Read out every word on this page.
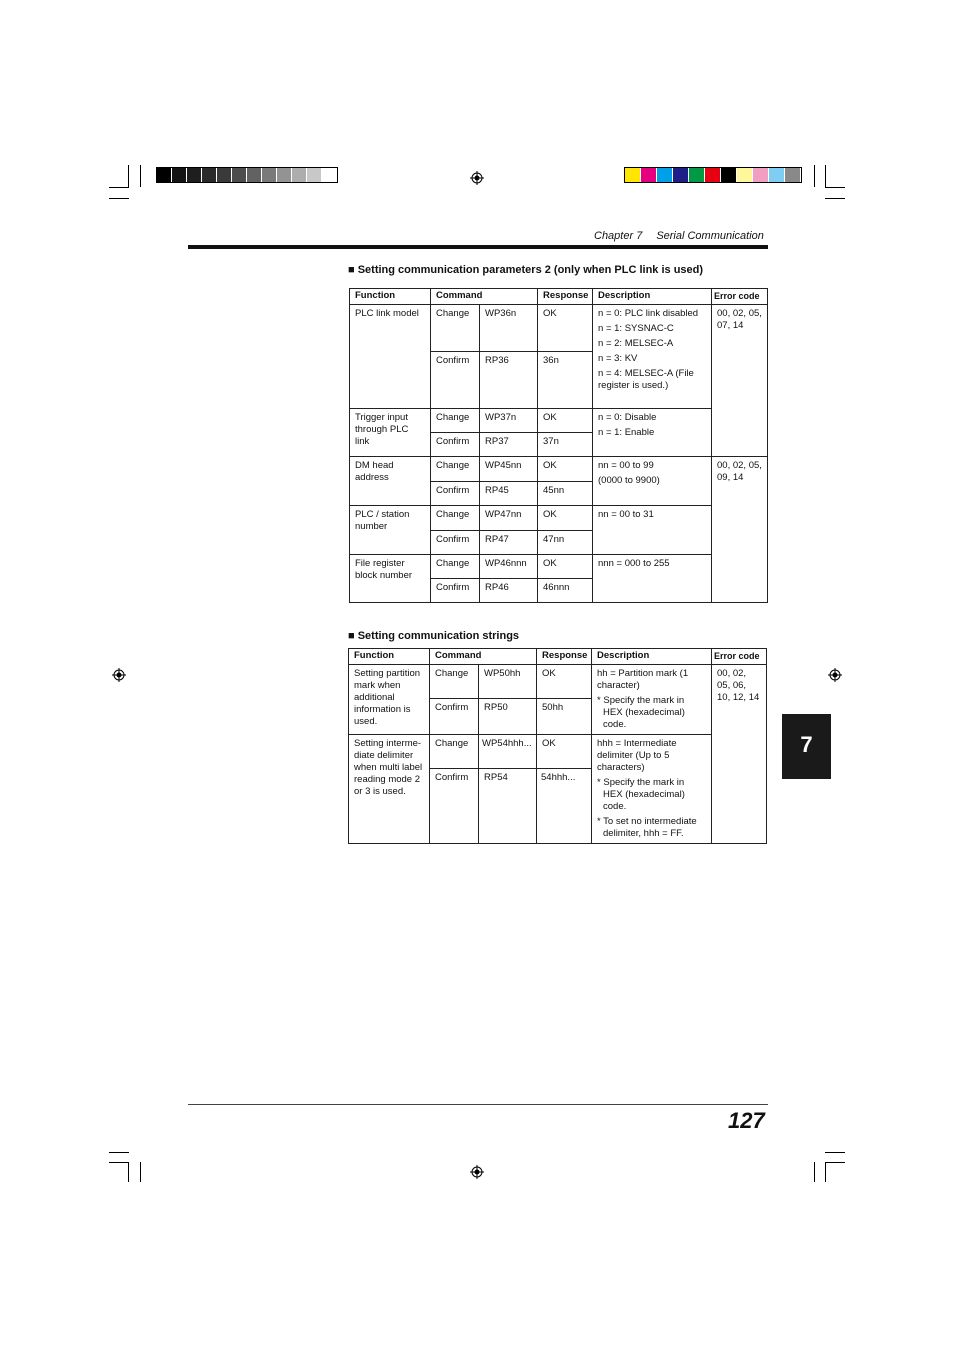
Chapter 7 Serial Communication
■ Setting communication parameters 2 (only when PLC link is used)
Function	Command		Response	Description	Error code
PLC link model	Change	WP36n	OK	n = 0: PLC link disabled
n = 1: SYSNAC-C
n = 2: MELSEC-A
n = 3: KV
n = 4: MELSEC-A (File register is used.)	00, 02, 05, 07, 14
	Confirm	RP36	36n		
Trigger input through PLC link	Change	WP37n	OK	n = 0: Disable
n = 1: Enable	

	Confirm	RP37	37n		
DM head address	Change	WP45nn	OK	nn = 00 to 99
(0000 to 9900)	00, 02, 05, 09, 14
	Confirm	RP45	45nn		
PLC / station number	Change	WP47nn	OK	nn = 00 to 31	
	Confirm	RP47	47nn		
File register block number	Change	WP46nnn	OK	nnn = 000 to 255	
	Confirm	RP46	46nnn		
■ Setting communication strings
Function	Command		Response	Description	Error code
Setting partition mark when additional information is used.	Change	WP50hh	OK	hh = Partition mark (1 character)
* Specify the mark in HEX (hexadecimal) code.	00, 02, 05, 06, 10, 12, 14
	Confirm	RP50	50hh		
Setting interme-diate delimiter when multi label reading mode 2 or 3 is used.	Change	WP54hhh...	OK	hhh = Intermediate delimiter (Up to 5 characters)
* Specify the mark in HEX (hexadecimal) code.
* To set no intermediate delimiter, hhh = FF.	

	Confirm	RP54	54hhh...		
7
127
